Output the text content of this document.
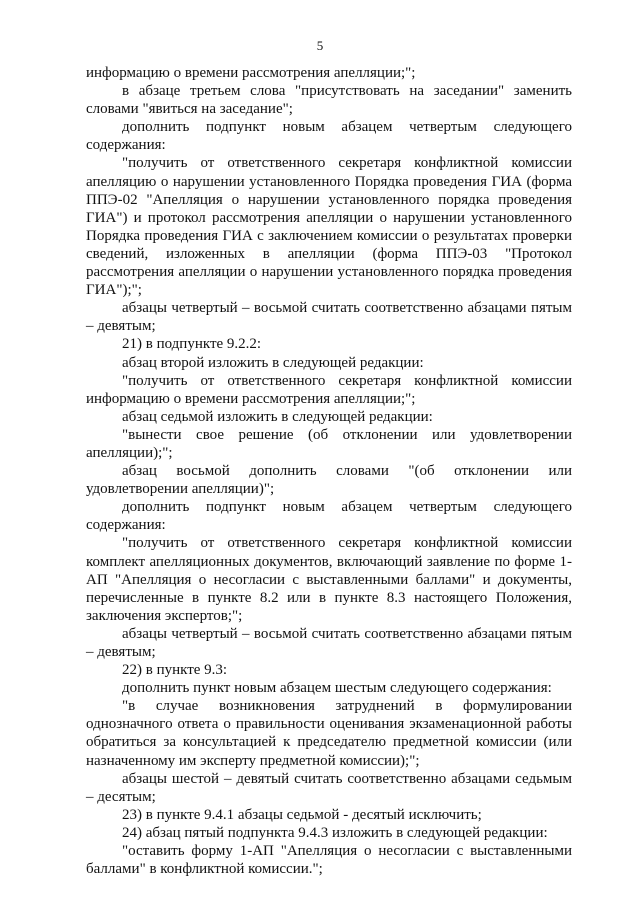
5

информацию о времени рассмотрения апелляции;";

в абзаце третьем слова "присутствовать на заседании" заменить словами "явиться на заседание";

дополнить подпункт новым абзацем четвертым следующего содержания:

"получить от ответственного секретаря конфликтной комиссии апелляцию о нарушении установленного Порядка проведения ГИА (форма ППЭ-02 "Апелляция о нарушении установленного порядка проведения ГИА") и протокол рассмотрения апелляции о нарушении установленного Порядка проведения ГИА с заключением комиссии о результатах проверки сведений, изложенных в апелляции (форма ППЭ-03 "Протокол рассмотрения апелляции о нарушении установленного порядка проведения ГИА");";

абзацы четвертый – восьмой считать соответственно абзацами пятым – девятым;

21) в подпункте 9.2.2:

абзац второй изложить в следующей редакции:

"получить от ответственного секретаря конфликтной комиссии информацию о времени рассмотрения апелляции;";

абзац седьмой изложить в следующей редакции:

"вынести свое решение (об отклонении или удовлетворении апелляции);";

абзац восьмой дополнить словами "(об отклонении или удовлетворении апелляции)";

дополнить подпункт новым абзацем четвертым следующего содержания:

"получить от ответственного секретаря конфликтной комиссии комплект апелляционных документов, включающий заявление по форме 1-АП "Апелляция о несогласии с выставленными баллами" и документы, перечисленные в пункте 8.2 или в пункте 8.3 настоящего Положения, заключения экспертов;";

абзацы четвертый – восьмой считать соответственно абзацами пятым – девятым;

22) в пункте 9.3:

дополнить пункт новым абзацем шестым следующего содержания:

"в случае возникновения затруднений в формулировании однозначного ответа о правильности оценивания экзаменационной работы обратиться за консультацией к председателю предметной комиссии (или назначенному им эксперту предметной комиссии);";

абзацы шестой – девятый считать соответственно абзацами седьмым – десятым;

23) в пункте 9.4.1 абзацы седьмой - десятый исключить;

24) абзац пятый подпункта 9.4.3 изложить в следующей редакции:

"оставить форму 1-АП "Апелляция о несогласии с выставленными баллами" в конфликтной комиссии.";
